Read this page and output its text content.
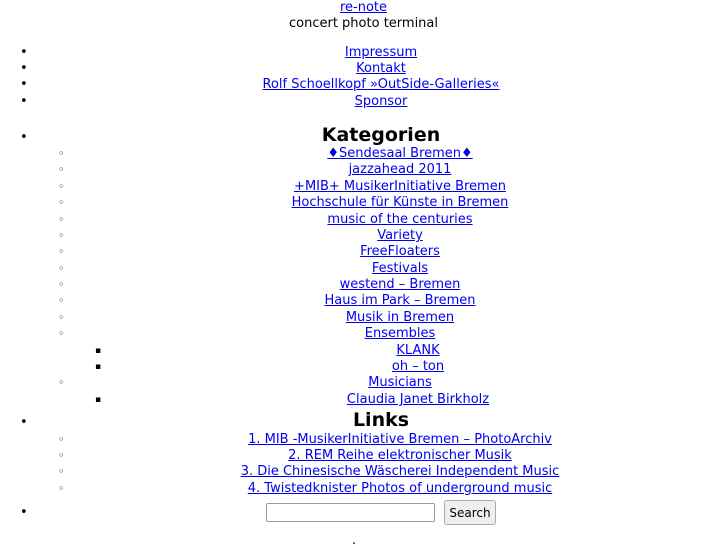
re-note
concert photo terminal
•	Impressum
•	Kontakt
•	Rolf Schoellkopf »OutSide-Galleries«
•	Sponsor
•	Kategorien
◦	♦Sendesaal Bremen♦
◦	jazzahead 2011
◦	+MIB+ MusikerInitiative Bremen
◦	Hochschule für Künste in Bremen
◦	music of the centuries
◦	Variety
◦	FreeFloaters
◦	Festivals
◦	westend – Bremen
◦	Haus im Park – Bremen
◦	Musik in Bremen
◦	Ensembles
▪	KLANK
▪	oh – ton
◦	Musicians
▪	Claudia Janet Birkholz
•	Links
◦	1. MIB -MusikerInitiative Bremen – PhotoArchiv
◦	2. REM Reihe elektronischer Musik
◦	3. Die Chinesische Wäscherei Independent Music
◦	4. Twistedknister Photos of underground music
•	Search
.
